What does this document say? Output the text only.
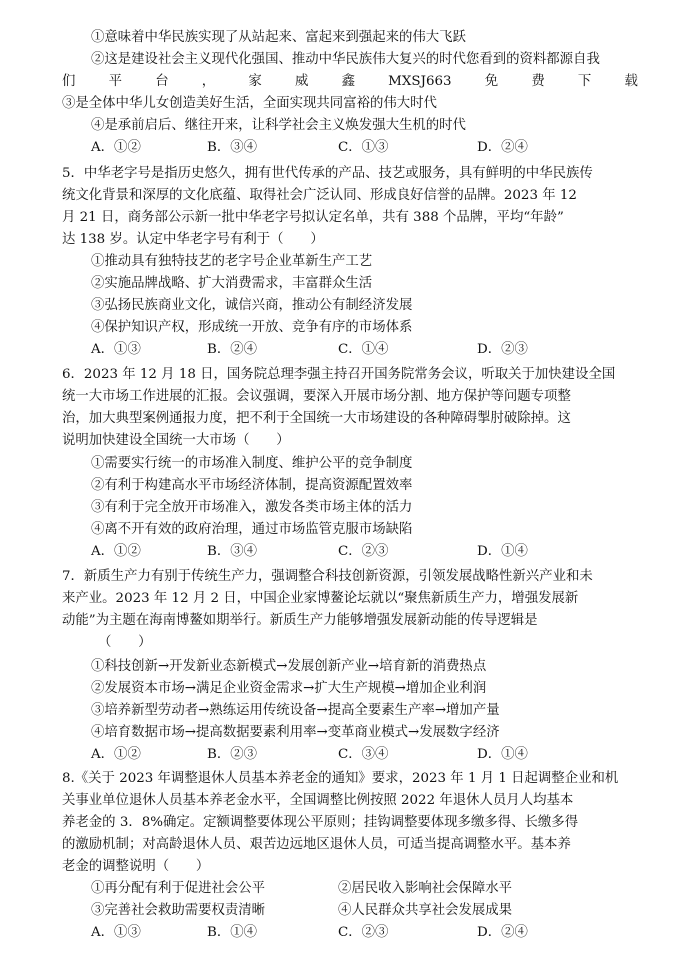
①意味着中华民族实现了从站起来、富起来到强起来的伟大飞跃
②这是建设社会主义现代化强国、推动中华民族伟大复兴的时代您看到的资料都源自我
们 平 台 ， 家 威 鑫 MXSJ663 免 费 下 载
③是全体中华儿女创造美好生活，全面实现共同富裕的伟大时代
④是承前启后、继往开来，让科学社会主义焕发强大生机的时代
A．①②	B．③④	C．①③	D．②④
5．中华老字号是指历史悠久，拥有世代传承的产品、技艺或服务，具有鲜明的中华民族传
统文化背景和深厚的文化底蕴、取得社会广泛认同、形成良好信誉的品牌。2023 年 12
月 21 日，商务部公示新一批中华老字号拟认定名单，共有 388 个品牌，平均“年龄”
达 138 岁。认定中华老字号有利于（　　）
①推动具有独特技艺的老字号企业革新生产工艺
②实施品牌战略、扩大消费需求，丰富群众生活
③弘扬民族商业文化，诚信兴商，推动公有制经济发展
④保护知识产权，形成统一开放、竞争有序的市场体系
A．①③	B．②④	C．①④	D．②③
6．2023 年 12 月 18 日，国务院总理李强主持召开国务院常务会议，听取关于加快建设全国
统一大市场工作进展的汇报。会议强调，要深入开展市场分割、地方保护等问题专项整
治，加大典型案例通报力度，把不利于全国统一大市场建设的各种障碍掣肘破除掉。这
说明加快建设全国统一大市场（　　）
①需要实行统一的市场准入制度、维护公平的竞争制度
②有利于构建高水平市场经济体制，提高资源配置效率
③有利于完全放开市场准入，激发各类市场主体的活力
④离不开有效的政府治理，通过市场监管克服市场缺陷
A．①②	B．③④	C．②③	D．①④
7．新质生产力有别于传统生产力，强调整合科技创新资源，引领发展战略性新兴产业和未
来产业。2023 年 12 月 2 日，中国企业家博鳌论坛就以“聚焦新质生产力，增强发展新
动能”为主题在海南博鳌如期举行。新质生产力能够增强发展新动能的传导逻辑是
（　　）
①科技创新→开发新业态新模式→发展创新产业→培育新的消费热点
②发展资本市场→满足企业资金需求→扩大生产规模→增加企业利润
③培养新型劳动者→熟练运用传统设备→提高全要素生产率→增加产量
④培育数据市场→提高数据要素利用率→变革商业模式→发展数字经济
A．①②	B．②③	C．③④	D．①④
8.《关于 2023 年调整退休人员基本养老金的通知》要求，2023 年 1 月 1 日起调整企业和机
关事业单位退休人员基本养老金水平，全国调整比例按照 2022 年退休人员月人均基本
养老金的 3．8%确定。定额调整要体现公平原则；挂钩调整要体现多缴多得、长缴多得
的激励机制；对高龄退休人员、艰苦边远地区退休人员，可适当提高调整水平。基本养
老金的调整说明（　　）
①再分配有利于促进社会公平	②居民收入影响社会保障水平
③完善社会救助需要权责清晰	④人民群众共享社会发展成果
A．①③	B．①④	C．②③	D．②④
